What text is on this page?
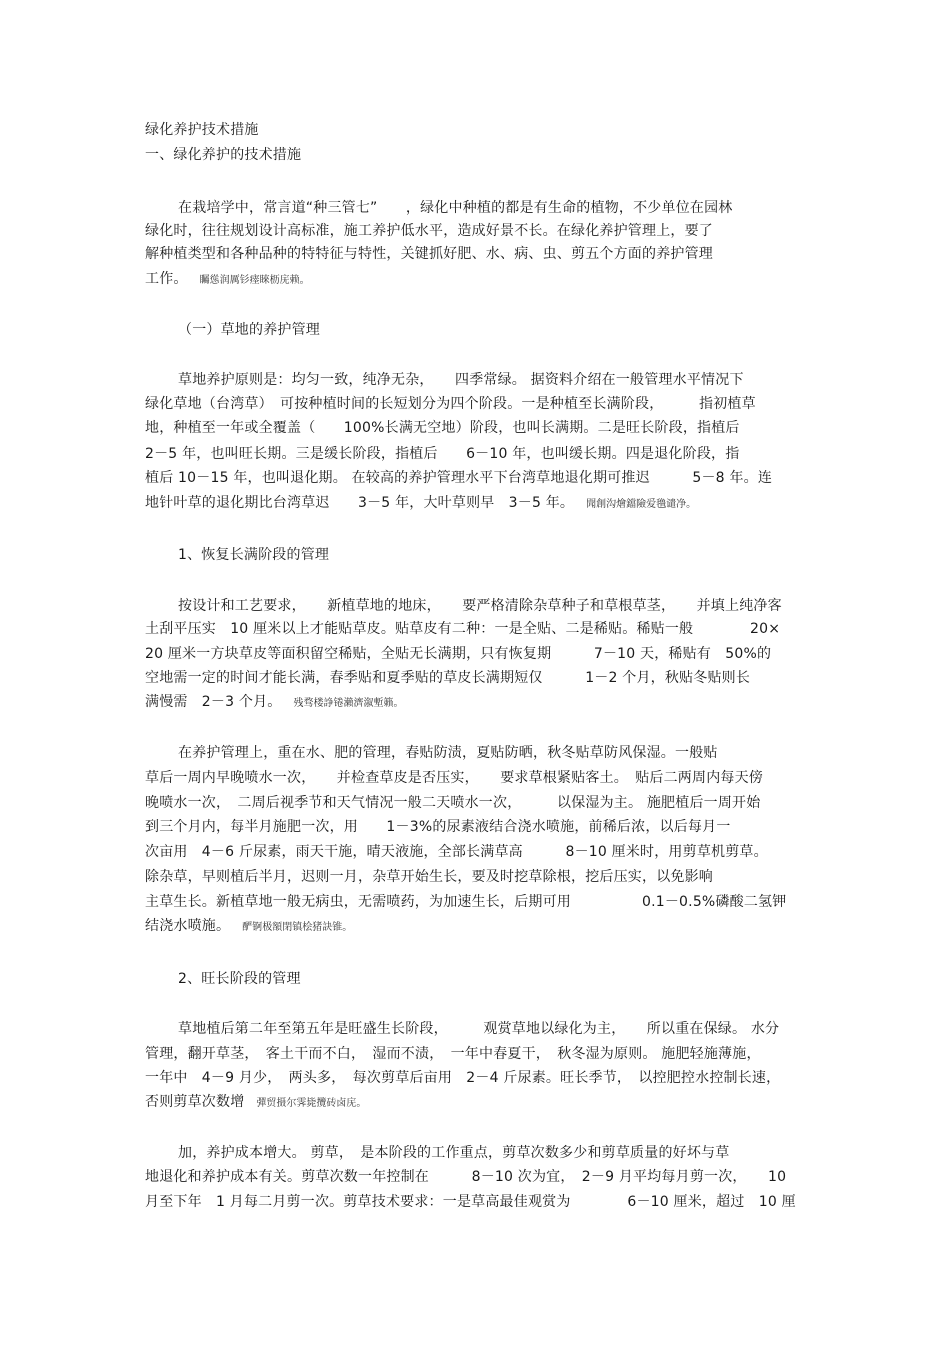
绿化养护技术措施
一、绿化养护的技术措施
在栽培学中，常言道“种三管七”　　，绿化中种植的都是有生命的植物，不少单位在园林
绿化时，往往规划设计高标准，施工养护低水平，造成好景不长。在绿化养护管理上，要了
解种植类型和各种品种的特特征与特性，关键抓好肥、水、病、虫、剪五个方面的养护管理
工作。 矚慫润厲钐瘗睞枥庑赖。
（一）草地的养护管理
草地养护原则是：均匀一致，纯净无杂，　　四季常绿。 据资料介绍在一般管理水平情况下
绿化草地（台湾草）　可按种植时间的长短划分为四个阶段。一是种植至长满阶段，　　　指初植草
地，种植至一年或全覆盖（　　100%长满无空地）阶段，也叫长满期。二是旺长阶段，指植后
2－5 年，也叫旺长期。三是缓长阶段，指植后　　6－10 年，也叫缓长期。四是退化阶段，指
植后 10－15 年，也叫退化期。 在较高的养护管理水平下台湾草地退化期可推迟　　　5－8 年。连
地针叶草的退化期比台湾草迟　　3－5 年，大叶草则早　3－5 年。 聞創沟燴鐺險爱氇谴净。
1、恢复长满阶段的管理
按设计和工艺要求，　　新植草地的地床，　　要严格清除杂草种子和草根草茎，　　并填上纯净客
土刮平压实　10 厘米以上才能贴草皮。贴草皮有二种：一是全贴、二是稀贴。稀贴一般　　　　20×
20 厘米一方块草皮等面积留空稀贴，全贴无长满期，只有恢复期　　　7－10 天，稀贴有　50%的
空地需一定的时间才能长满，春季贴和夏季贴的草皮长满期短仅　　　1－2 个月，秋贴冬贴则长
满慢需　2－3 个月。 残骛楼諍锩瀨濟溆塹籟。
在养护管理上，重在水、肥的管理，春贴防渍，夏贴防晒，秋冬贴草防风保湿。一般贴
草后一周内早晚喷水一次，　　并检查草皮是否压实，　　要求草根紧贴客土。　贴后二两周内每天傍
晚喷水一次，　二周后视季节和天气情况一般二天喷水一次，　　　以保湿为主。 施肥植后一周开始
到三个月内，每半月施肥一次，用　　1－3%的尿素液结合浇水喷施，前稀后浓，以后每月一
次亩用　4－6 斤尿素，雨天干施，晴天液施，全部长满草高　　　8－10 厘米时，用剪草机剪草。
除杂草，早则植后半月，迟则一月，杂草开始生长，要及时挖草除根，挖后压实，以免影响
主草生长。新植草地一般无病虫，无需喷药，为加速生长，后期可用　　　　　0.1－0.5%磷酸二氢钾
结浇水喷施。 酽锕极額閉镇桧猪訣锥。
2、旺长阶段的管理
草地植后第二年至第五年是旺盛生长阶段，　　　观赏草地以绿化为主，　　所以重在保绿。 水分
管理，翻开草茎，　客土干而不白，　湿而不渍，　一年中春夏干，　秋冬湿为原则。 施肥轻施薄施，
一年中　4－9 月少，　两头多，　每次剪草后亩用　2－4 斤尿素。旺长季节，　以控肥控水控制长速，
否则剪草次数增 彈贸摄尔霁毙攬砖卤庑。
加，养护成本增大。 剪草，　是本阶段的工作重点，剪草次数多少和剪草质量的好坏与草
地退化和养护成本有关。剪草次数一年控制在　　　8－10 次为宜，　2－9 月平均每月剪一次，　　10
月至下年　1 月每二月剪一次。剪草技术要求：一是草高最佳观赏为　　　　6－10 厘米，超过　10 厘
